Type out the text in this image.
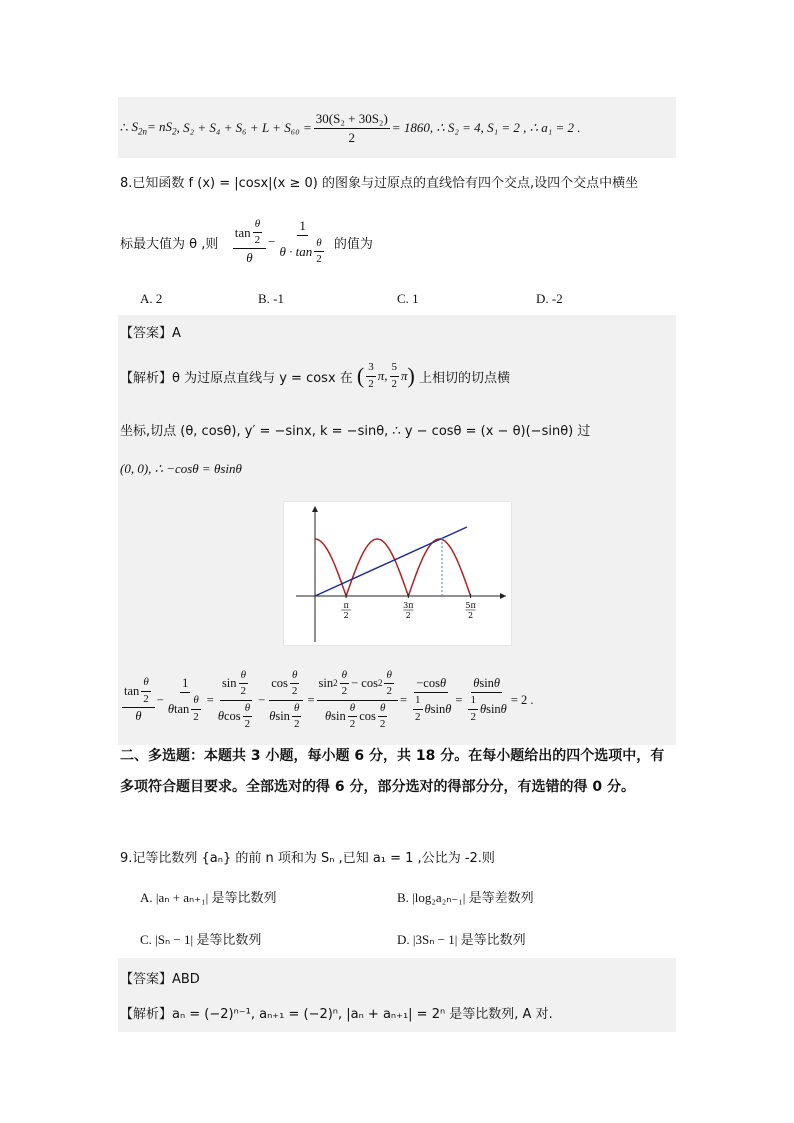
∴
$S_{2n} = nS_2$ , $S_2 + S_4 + S_6 + L + S_{60} = \frac{\text{30(S₂ + 30S₂)}}{2} = 1860$, ∴ S₂ = 4, S₁ = 2 , ∴ a₁ = 2 .
8.已知函数 f (x) = |cosx|(x ≥ 0) 的图象与过原点的直线恰有四个交点,设四个交点中横坐
标最大值为 θ ,则
$\frac{\tan \frac{\theta}{2}}{\theta} - \frac{1}{\theta \cdot \tan \frac{\theta}{2}}$
的值为
A. 2	B. -1	C. 1	D. -2
【答案】A
【解析】θ 为过原点直线与 y = cosx 在
( $\frac{3}{2}$ π , $\frac{5}{2}$ π )
上相切的切点横
坐标,切点 (θ, cosθ), y′ = −sinx, k = −sinθ, ∴ y − cosθ = (x − θ)(−sinθ) 过
(0, 0), ∴ −cosθ = θsinθ
π
2
3π
2
5π
2
$\frac{\tan \frac{\theta}{2}}{\theta} - \frac{1}{\theta \tan \frac{\theta}{2}} = \frac{\sin \frac{\theta}{2}}{\theta \cos \frac{\theta}{2}} - \frac{\cos \frac{\theta}{2}}{\theta \sin \frac{\theta}{2}} = \frac{\sin 2 \frac{\theta}{2} - \cos 2 \frac{\theta}{2}}{\theta \sin \frac{\theta}{2} \cos \frac{\theta}{2}} = \frac{\text{−cos θ}}{\frac{1}{2} \theta \sin \theta} = \frac{\text{θ sin θ}}{\frac{1}{2} \theta \sin \theta} = 2$ .
二、多选题：本题共 3 小题，每小题 6 分，共 18 分。在每小题给出的四个选项中，有多项符合题目要求。全部选对的得 6 分，部分选对的得部分分，有选错的得 0 分。
9.记等比数列 {aₙ} 的前 n 项和为 Sₙ ,已知 a₁ = 1 ,公比为 -2.则
A. |aₙ + aₙ₊₁| 是等比数列	B. |log₂a₂ₙ₋₁| 是等差数列
C. |Sₙ − 1| 是等比数列	D. |3Sₙ − 1| 是等比数列
【答案】ABD
【解析】aₙ = (−2)ⁿ⁻¹, aₙ₊₁ = (−2)ⁿ, |aₙ + aₙ₊₁| = 2ⁿ 是等比数列, A 对.
